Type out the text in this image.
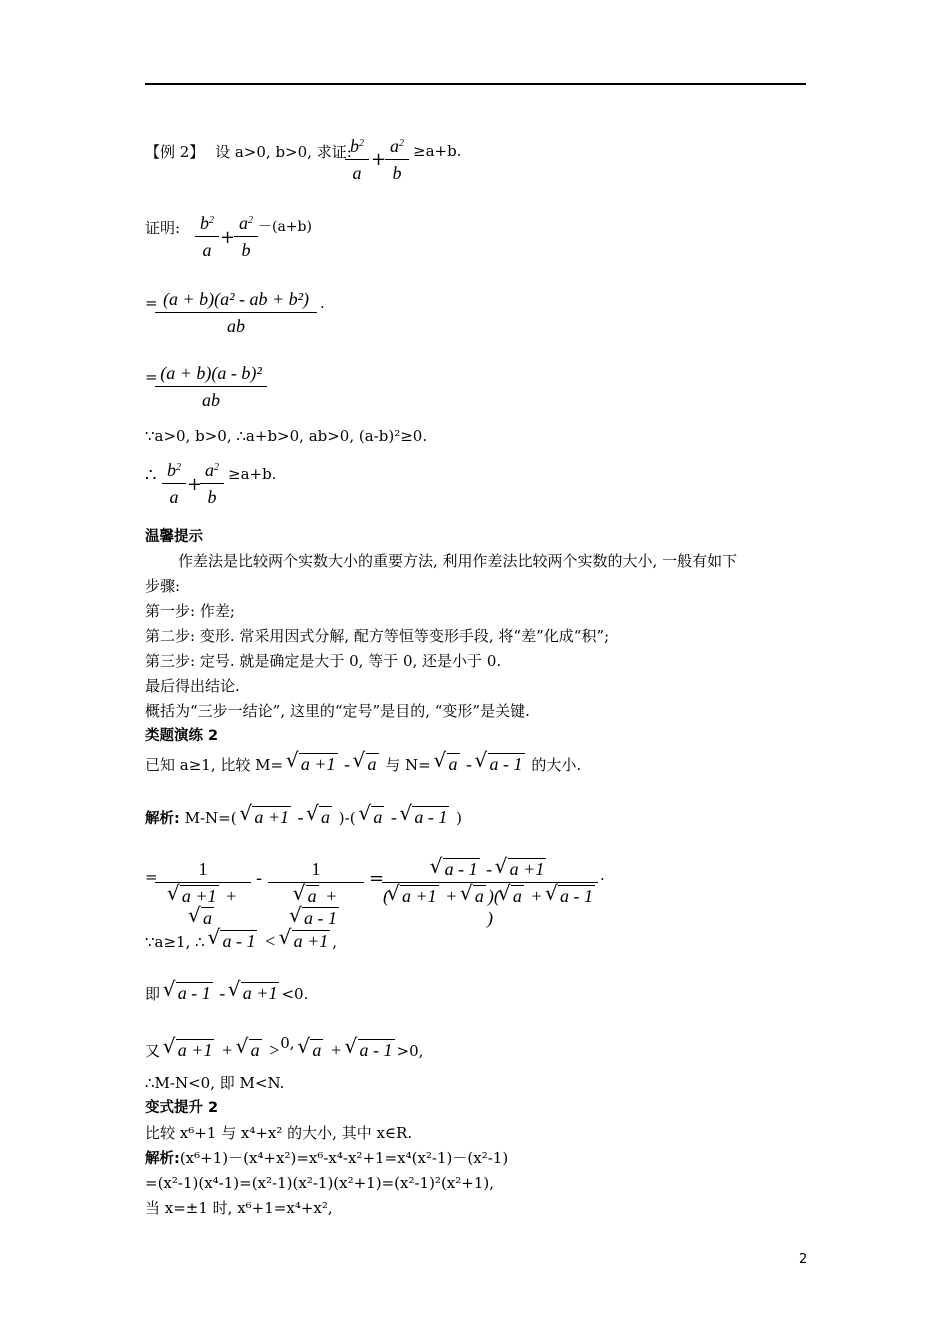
【例 2】 设 a>0, b>0, 求证:
$b^2$
a
+
$a^2$
b
≥a+b.
证明: $b^2$
a
+
$a^2$
b
－(a+b)
= (a + b)(a² - ab + b²)
ab
.
= (a + b)(a - b)²
ab
∵a>0, b>0, ∴a+b>0, ab>0, (a-b)²≥0.
∴ $b^2$
a
+
$a^2$
b
≥a+b.
温馨提示
作差法是比较两个实数大小的重要方法, 利用作差法比较两个实数的大小, 一般有如下
步骤:
第一步: 作差;
第二步: 变形. 常采用因式分解, 配方等恒等变形手段, 将“差”化成“积”;
第三步: 定号. 就是确定是大于 0, 等于 0, 还是小于 0.
最后得出结论.
概括为“三步一结论”, 这里的“定号”是目的, “变形”是关键.
类题演练 2
已知 a≥1, 比较 M= √ a +1 - √ a 与 N= √ a - √ a - 1 的大小.
解析: M-N=( √ a +1 - √ a )-( √ a - √ a - 1 )
=	1
√ a +1 + √ a
-	1
√ a + √ a - 1
=	√ a - 1 - √ a +1
( √ a +1 + √ a )( √ a + √ a - 1)
.
∵a≥1, ∴ √ a - 1 < √ a +1 ,
即 √ a - 1 - √ a +1 <0.
又 √ a +1 + √ a >0, √ a + √ a - 1 >0,
∴M-N<0, 即 M<N.
变式提升 2
比较 x⁶+1 与 x⁴+x² 的大小, 其中 x∈R.
解析:(x⁶+1)－(x⁴+x²)=x⁶-x⁴-x²+1=x⁴(x²-1)－(x²-1)
=(x²-1)(x⁴-1)=(x²-1)(x²-1)(x²+1)=(x²-1)²(x²+1),
当 x=±1 时, x⁶+1=x⁴+x²,
2
